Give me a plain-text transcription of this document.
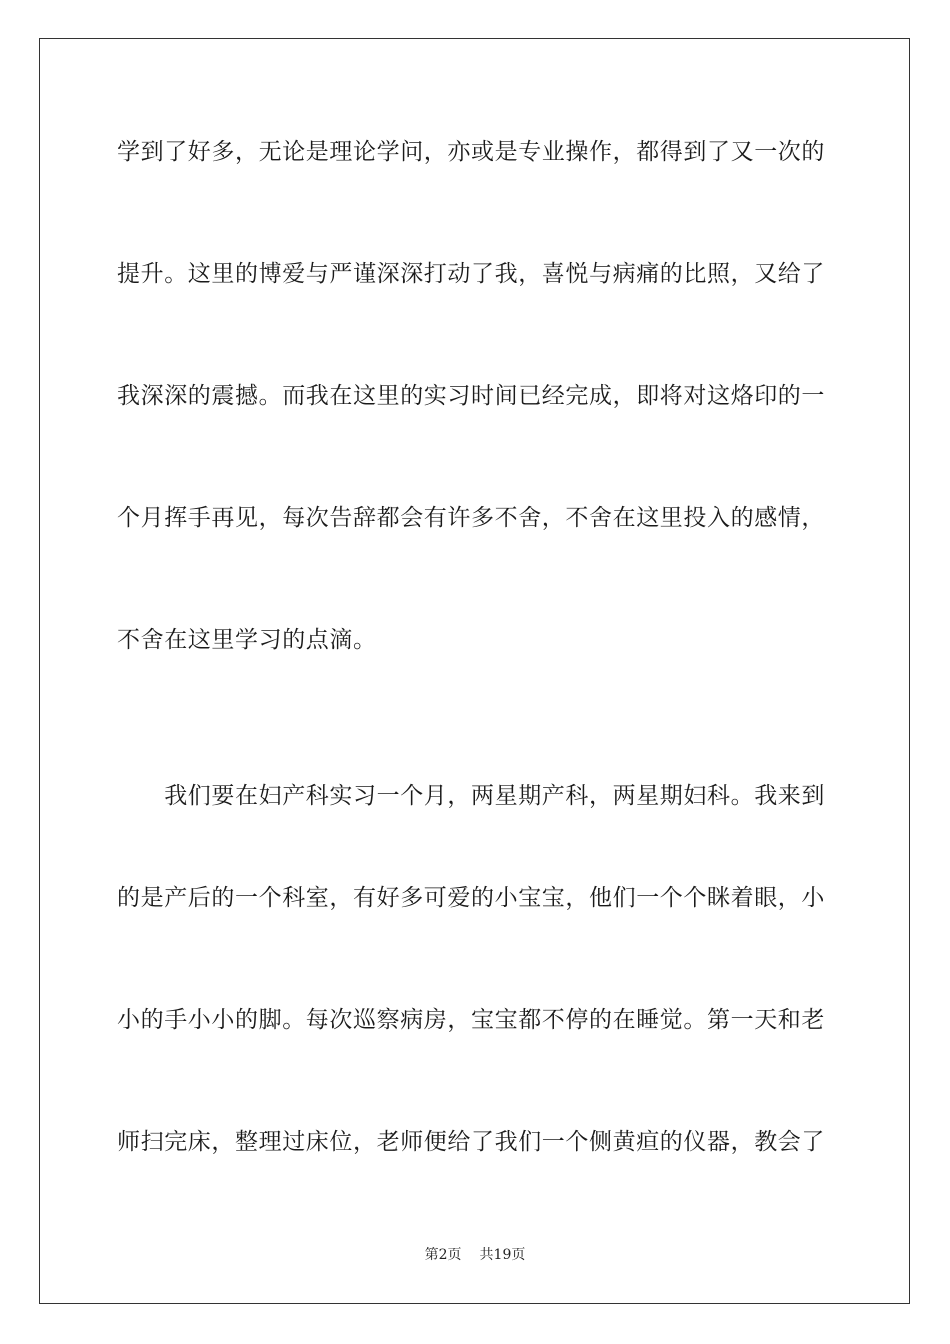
学到了好多，无论是理论学问，亦或是专业操作，都得到了又一次的
提升。这里的博爱与严谨深深打动了我，喜悦与病痛的比照，又给了
我深深的震撼。而我在这里的实习时间已经完成，即将对这烙印的一
个月挥手再见，每次告辞都会有许多不舍，不舍在这里投入的感情，
不舍在这里学习的点滴。
　　我们要在妇产科实习一个月，两星期产科，两星期妇科。我来到
的是产后的一个科室，有好多可爱的小宝宝，他们一个个眯着眼，小
小的手小小的脚。每次巡察病房，宝宝都不停的在睡觉。第一天和老
师扫完床，整理过床位，老师便给了我们一个侧黄疸的仪器，教会了
第2页 共19页
